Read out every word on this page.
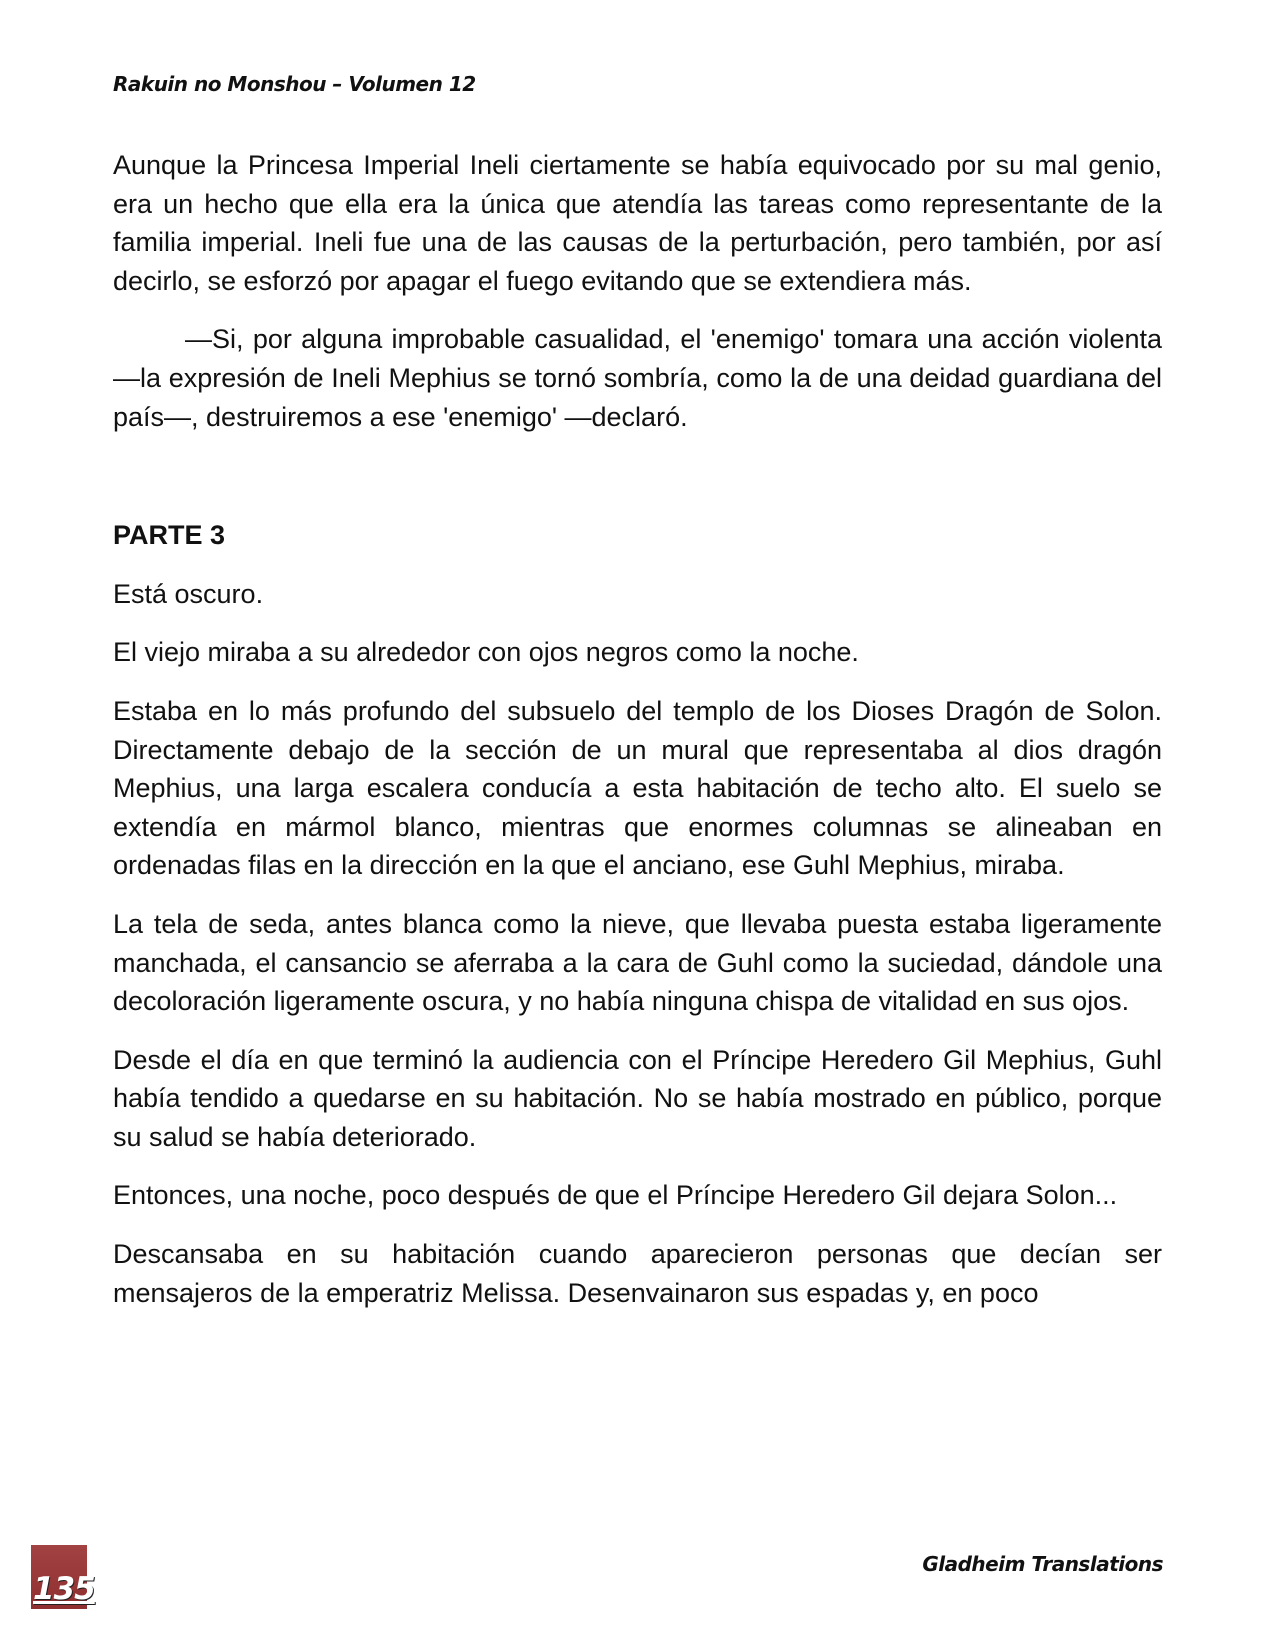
Rakuin no Monshou – Volumen 12

Aunque la Princesa Imperial Ineli ciertamente se había equivocado por su mal genio, era un hecho que ella era la única que atendía las tareas como representante de la familia imperial. Ineli fue una de las causas de la perturbación, pero también, por así decirlo, se esforzó por apagar el fuego evitando que se extendiera más.

—Si, por alguna improbable casualidad, el 'enemigo' tomara una acción violenta —la expresión de Ineli Mephius se tornó sombría, como la de una deidad guardiana del país—, destruiremos a ese 'enemigo' —declaró.

PARTE 3

Está oscuro.

El viejo miraba a su alrededor con ojos negros como la noche.

Estaba en lo más profundo del subsuelo del templo de los Dioses Dragón de Solon. Directamente debajo de la sección de un mural que representaba al dios dragón Mephius, una larga escalera conducía a esta habitación de techo alto. El suelo se extendía en mármol blanco, mientras que enormes columnas se alineaban en ordenadas filas en la dirección en la que el anciano, ese Guhl Mephius, miraba.

La tela de seda, antes blanca como la nieve, que llevaba puesta estaba ligeramente manchada, el cansancio se aferraba a la cara de Guhl como la suciedad, dándole una decoloración ligeramente oscura, y no había ninguna chispa de vitalidad en sus ojos.

Desde el día en que terminó la audiencia con el Príncipe Heredero Gil Mephius, Guhl había tendido a quedarse en su habitación. No se había mostrado en público, porque su salud se había deteriorado.

Entonces, una noche, poco después de que el Príncipe Heredero Gil dejara Solon...

Descansaba en su habitación cuando aparecieron personas que decían ser mensajeros de la emperatriz Melissa. Desenvainaron sus espadas y, en poco

135
Gladheim Translations
